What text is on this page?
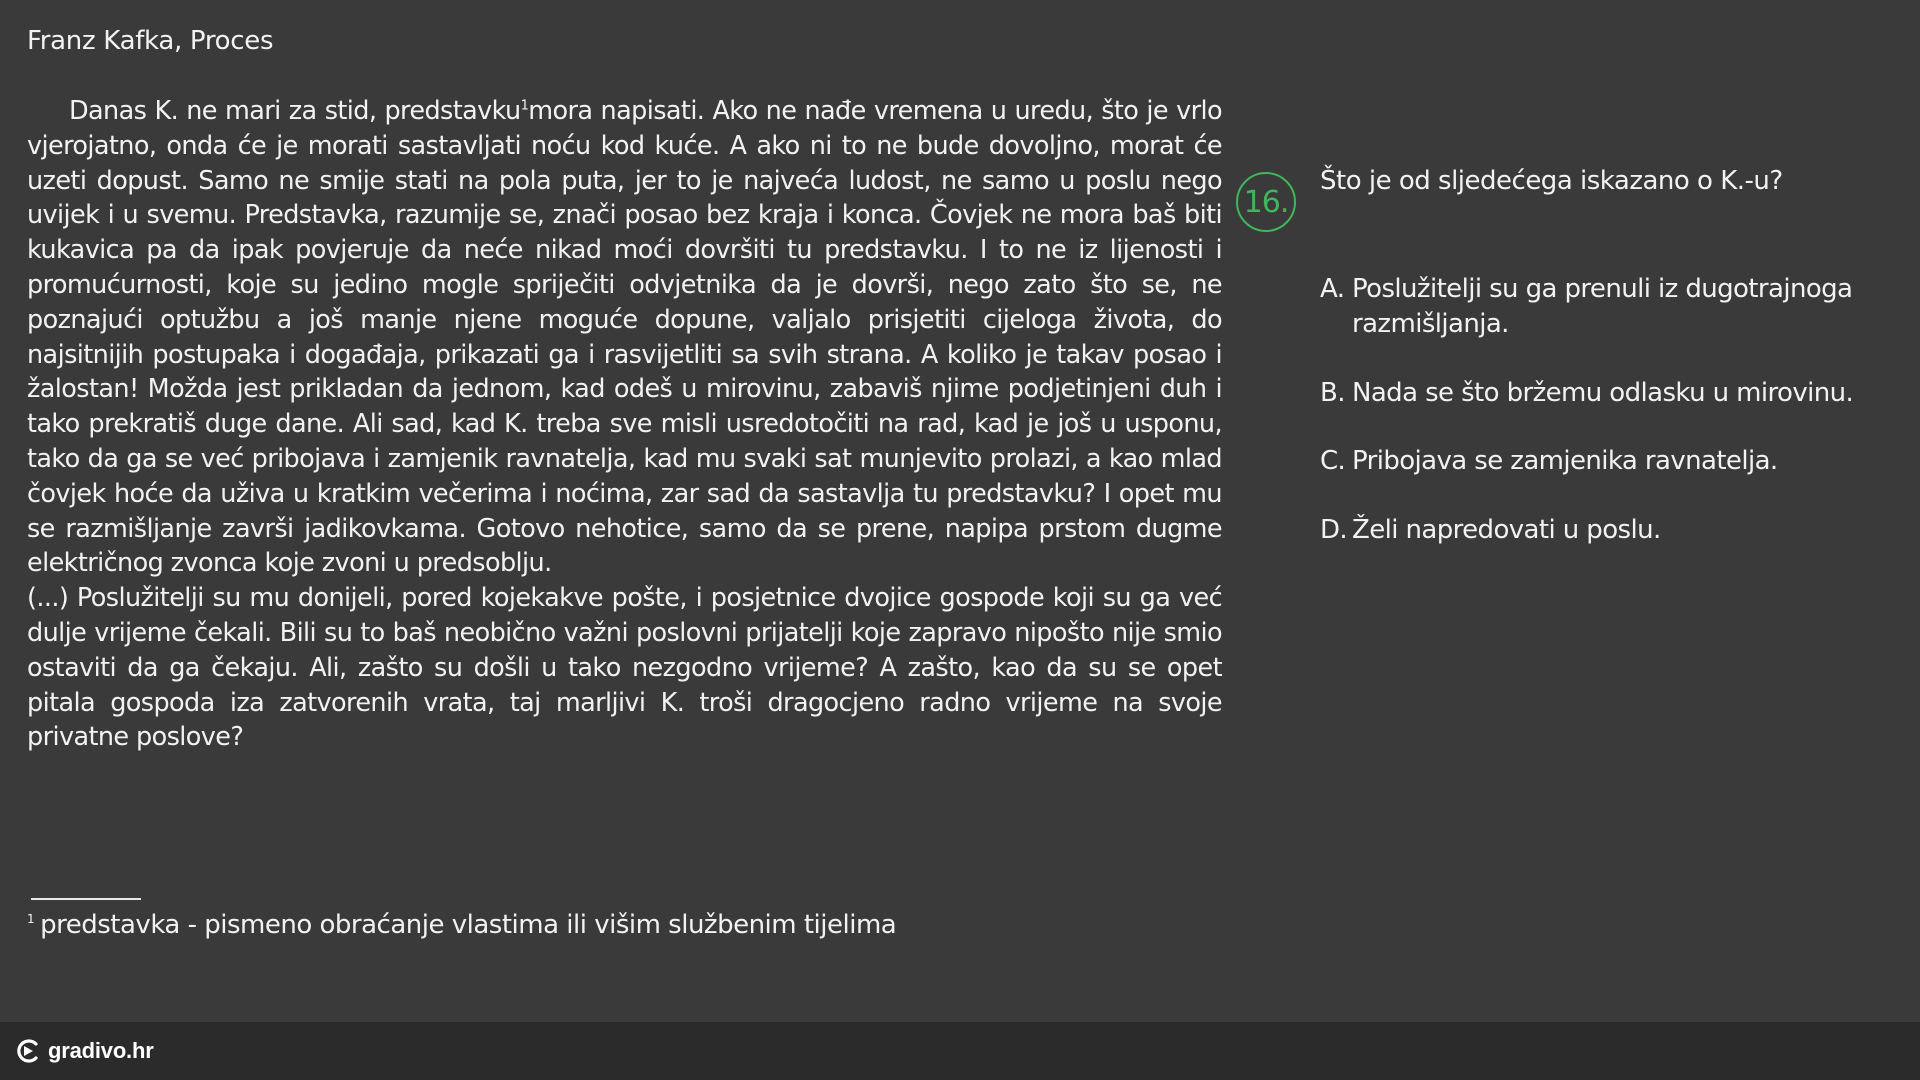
Franz Kafka, Proces

Danas K. ne mari za stid, predstavku$^1$mora napisati. Ako ne nađe vremena u uredu, što je vrlo vjerojatno, onda će je morati sastavljati noću kod kuće. A ako ni to ne bude dovoljno, morat će uzeti dopust. Samo ne smije stati na pola puta, jer to je najveća ludost, ne samo u poslu nego uvijek i u svemu. Predstavka, razumije se, znači posao bez kraja i konca. Čovjek ne mora baš biti kukavica pa da ipak povjeruje da neće nikad moći dovršiti tu predstavku. I to ne iz lijenosti i promućurnosti, koje su jedino mogle spriječiti odvjetnika da je dovrši, nego zato što se, ne poznajući optužbu a još manje njene moguće dopune, valjalo prisjetiti cijeloga života, do najsitnijih postupaka i događaja, prikazati ga i rasvijetliti sa svih strana. A koliko je takav posao i žalostan! Možda jest prikladan da jednom, kad odeš u mirovinu, zabaviš njime podjetinjeni duh i tako prekratiš duge dane. Ali sad, kad K. treba sve misli usredotočiti na rad, kad je još u usponu, tako da ga se već pribojava i zamjenik ravnatelja, kad mu svaki sat munjevito prolazi, a kao mlad čovjek hoće da uživa u kratkim večerima i noćima, zar sad da sastavlja tu predstavku? I opet mu se razmišljanje završi jadikovkama. Gotovo nehotice, samo da se prene, napipa prstom dugme električnog zvonca koje zvoni u predsoblju.

(...) Poslužitelji su mu donijeli, pored kojekakve pošte, i posjetnice dvojice gospode koji su ga već dulje vrijeme čekali. Bili su to baš neobično važni poslovni prijatelji koje zapravo nipošto nije smio ostaviti da ga čekaju. Ali, zašto su došli u tako nezgodno vrijeme? A zašto, kao da su se opet pitala gospoda iza zatvorenih vrata, taj marljivi K. troši dragocjeno radno vrijeme na svoje privatne poslove?

$^1$ predstavka - pismeno obraćanje vlastima ili višim službenim tijelima
16.
Što je od sljedećega iskazano o K.-u?
A. Poslužitelji su ga prenuli iz dugotrajnoga razmišljanja.
B. Nada se što bržemu odlasku u mirovinu.
C. Pribojava se zamjenika ravnatelja.
D. Želi napredovati u poslu.
gradivo.hr
